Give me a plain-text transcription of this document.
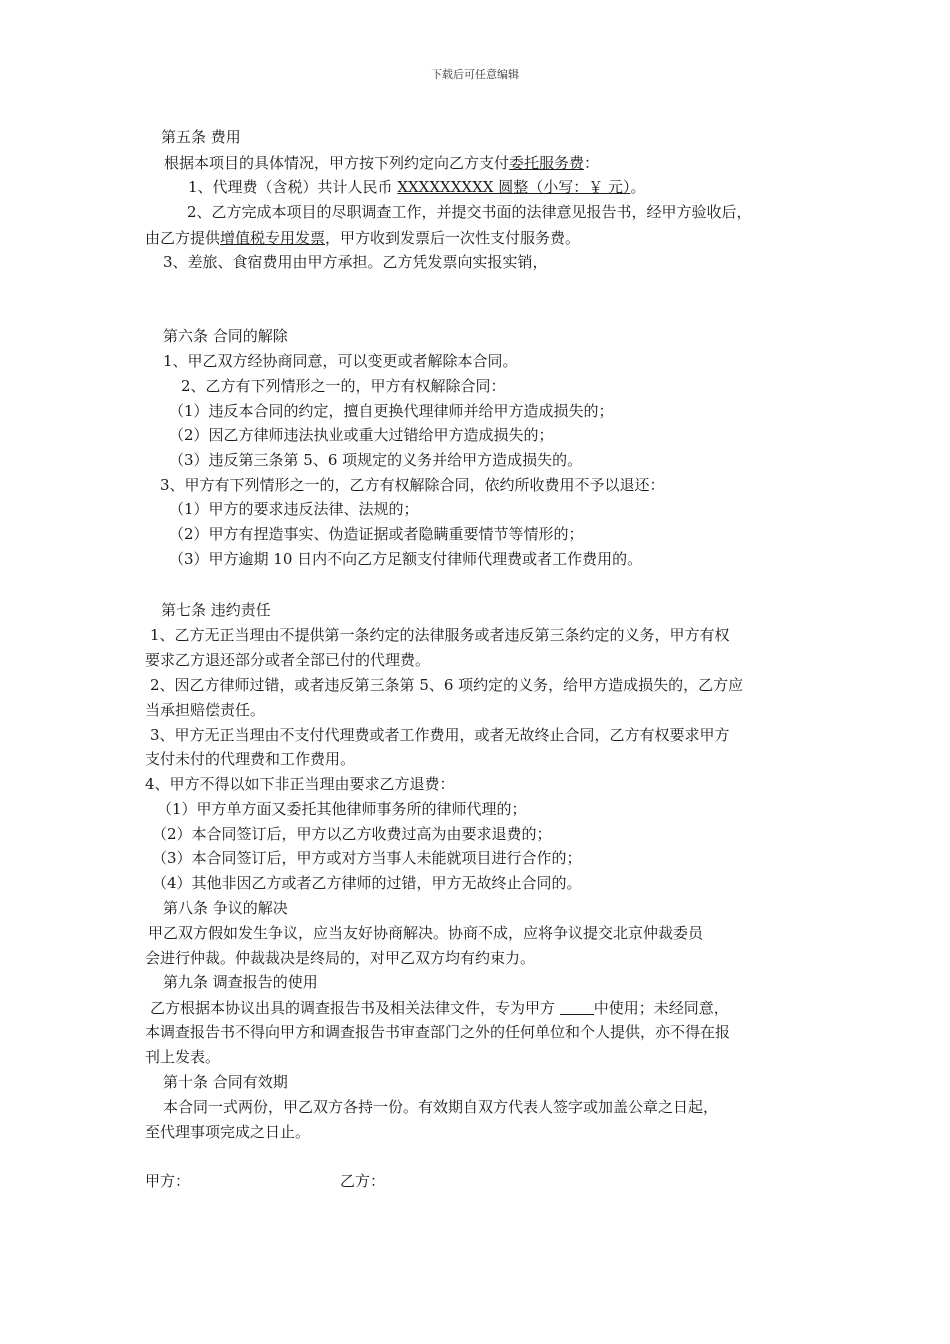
下载后可任意编辑
第五条 费用
根据本项目的具体情况，甲方按下列约定向乙方支付委托服务费：
1、代理费（含税）共计人民币 XXXXXXXXX 圆整（小写：￥ 元）。
2、乙方完成本项目的尽职调查工作，并提交书面的法律意见报告书，经甲方验收后，
由乙方提供增值税专用发票，甲方收到发票后一次性支付服务费。
3、差旅、食宿费用由甲方承担。乙方凭发票向实报实销，
第六条 合同的解除
1、甲乙双方经协商同意，可以变更或者解除本合同。
2、乙方有下列情形之一的，甲方有权解除合同：
（1）违反本合同的约定，擅自更换代理律师并给甲方造成损失的；
（2）因乙方律师违法执业或重大过错给甲方造成损失的；
（3）违反第三条第 5、6 项规定的义务并给甲方造成损失的。
3、甲方有下列情形之一的，乙方有权解除合同，依约所收费用不予以退还：
（1）甲方的要求违反法律、法规的；
（2）甲方有捏造事实、伪造证据或者隐瞒重要情节等情形的；
（3）甲方逾期 10 日内不向乙方足额支付律师代理费或者工作费用的。
第七条 违约责任
1、乙方无正当理由不提供第一条约定的法律服务或者违反第三条约定的义务，甲方有权
要求乙方退还部分或者全部已付的代理费。
2、因乙方律师过错，或者违反第三条第 5、6 项约定的义务，给甲方造成损失的，乙方应
当承担赔偿责任。
3、甲方无正当理由不支付代理费或者工作费用，或者无故终止合同，乙方有权要求甲方
支付未付的代理费和工作费用。
4、甲方不得以如下非正当理由要求乙方退费：
（1）甲方单方面又委托其他律师事务所的律师代理的；
（2）本合同签订后，甲方以乙方收费过高为由要求退费的；
（3）本合同签订后，甲方或对方当事人未能就项目进行合作的；
（4）其他非因乙方或者乙方律师的过错，甲方无故终止合同的。
第八条 争议的解决
甲乙双方假如发生争议，应当友好协商解决。协商不成，应将争议提交北京仲裁委员
会进行仲裁。仲裁裁决是终局的，对甲乙双方均有约束力。
第九条 调查报告的使用
乙方根据本协议出具的调查报告书及相关法律文件，专为甲方 中使用；未经同意，
本调查报告书不得向甲方和调查报告书审查部门之外的任何单位和个人提供，亦不得在报
刊上发表。
第十条 合同有效期
本合同一式两份，甲乙双方各持一份。有效期自双方代表人签字或加盖公章之日起，
至代理事项完成之日止。
甲方：	乙方：
